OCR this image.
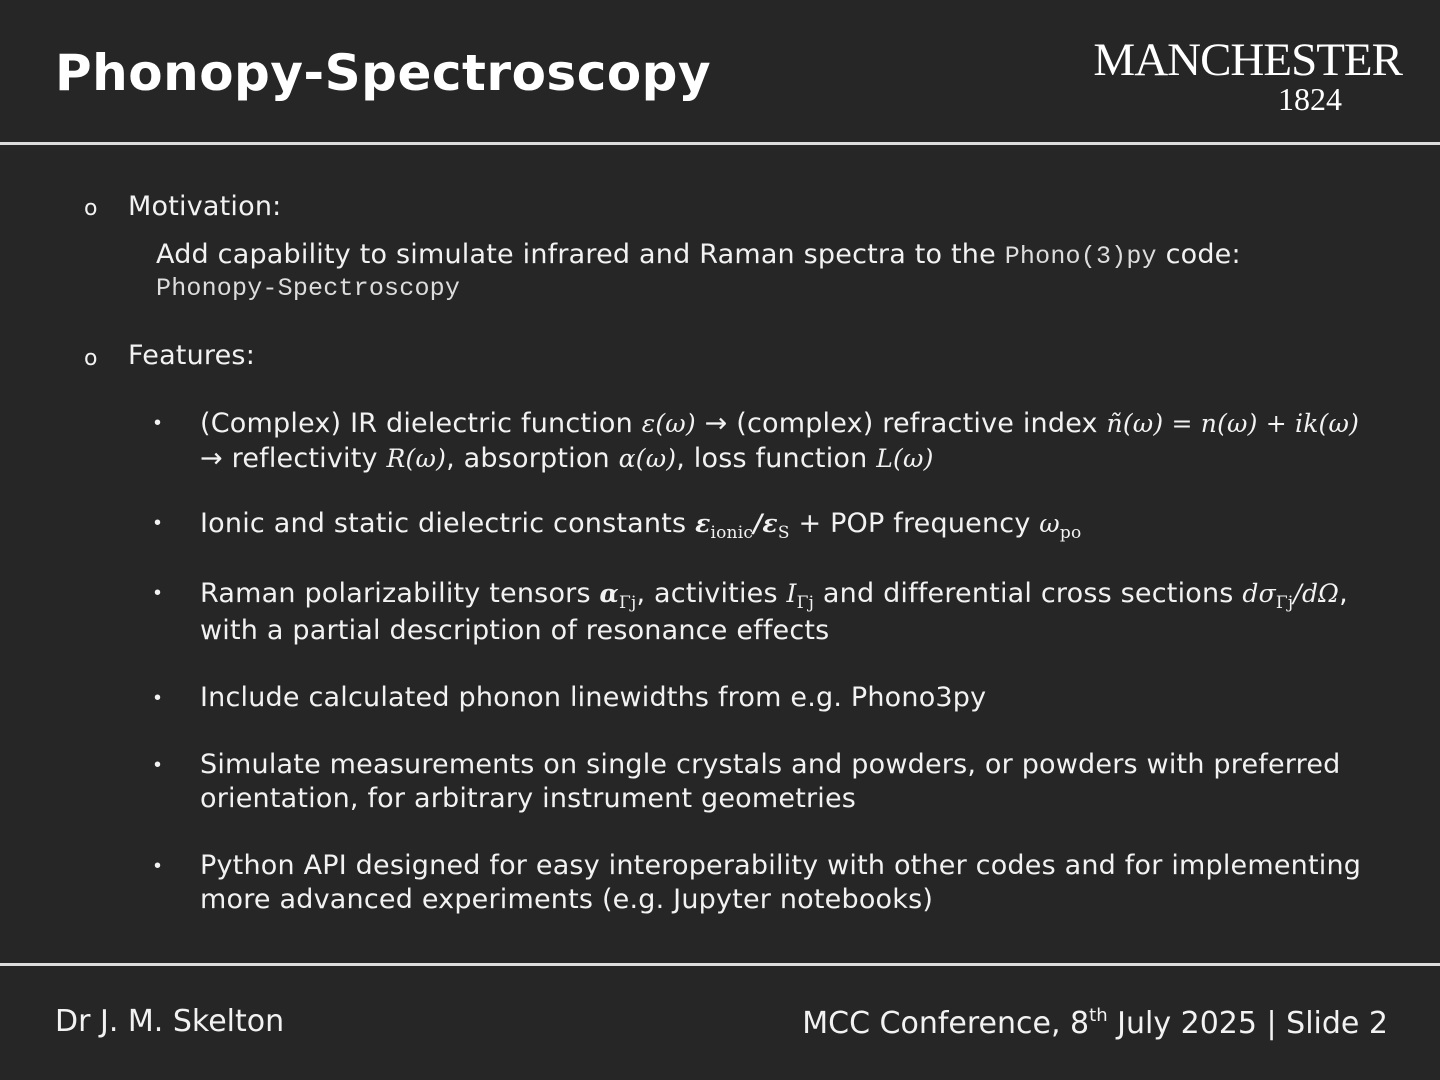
Phonopy-Spectroscopy	MANCHESTER
1824
o Motivation:
Add capability to simulate infrared and Raman spectra to the Phono(3)py code:
Phonopy-Spectroscopy
o Features:
• (Complex) IR dielectric function ε(ω) → (complex) refractive index ñ(ω) = n(ω) + ik(ω)
→ reflectivity R(ω), absorption α(ω), loss function L(ω)
• Ionic and static dielectric constants $\varepsilon_{ionic}/\varepsilon_S$ + POP frequency $\omega_{po}$
• Raman polarizability tensors $\alpha_{\Gamma j}$, activities $I_{\Gamma j}$ and differential cross sections $d\sigma_{\Gamma j}/d\Omega$,
with a partial description of resonance effects
• Include calculated phonon linewidths from e.g. Phono3py
• Simulate measurements on single crystals and powders, or powders with preferred
orientation, for arbitrary instrument geometries
• Python API designed for easy interoperability with other codes and for implementing
more advanced experiments (e.g. Jupyter notebooks)
Dr J. M. Skelton	MCC Conference, 8th July 2025 | Slide 2
